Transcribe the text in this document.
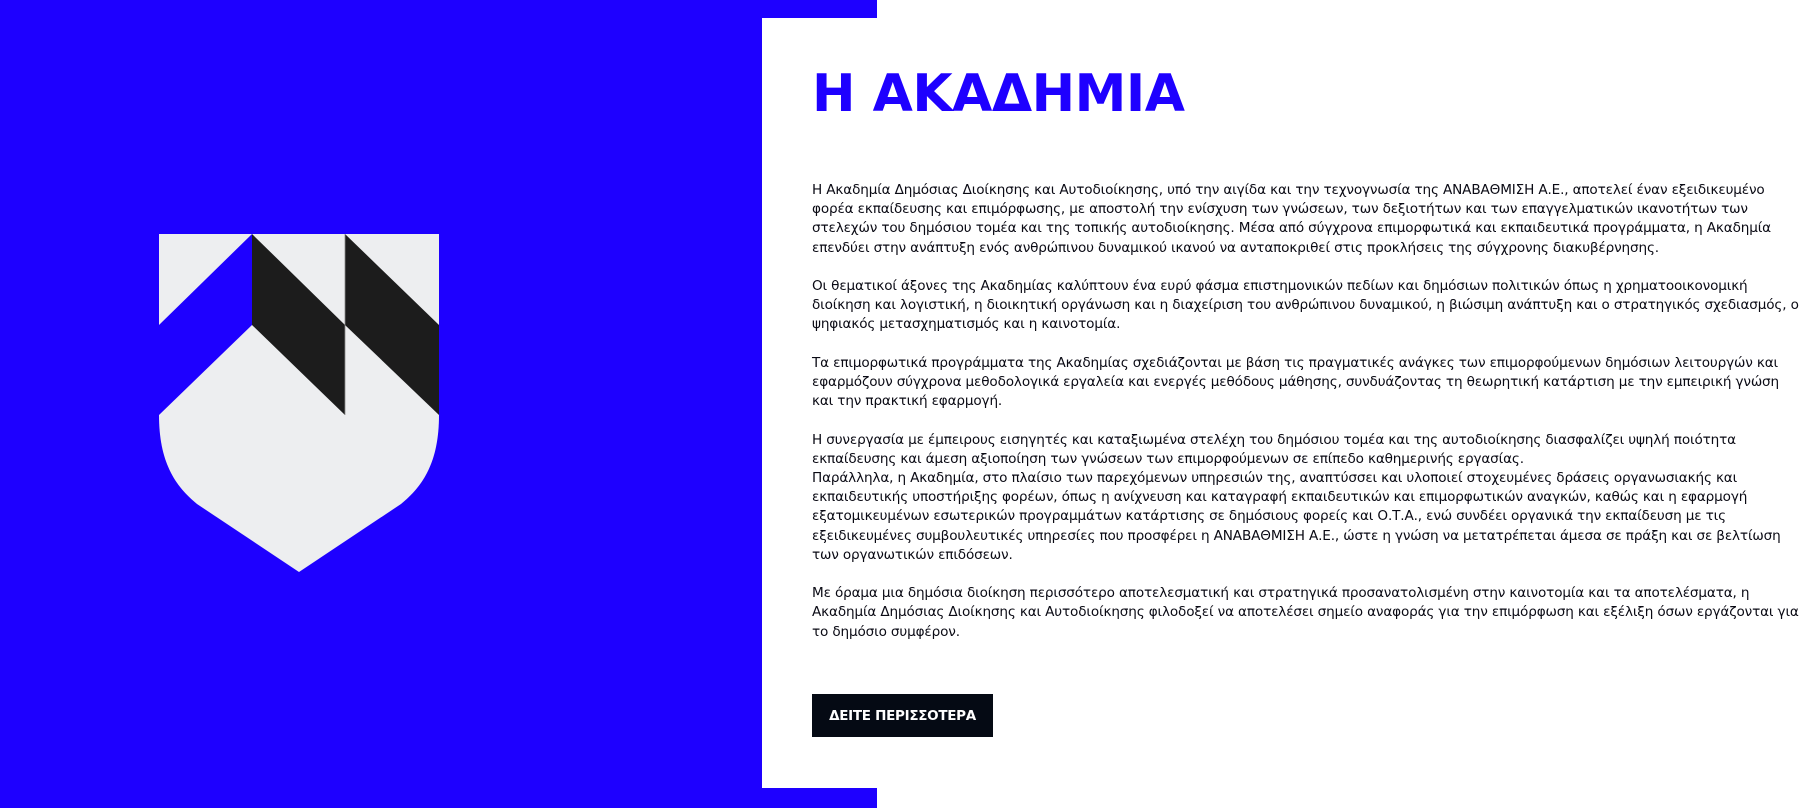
Η ΑΚΑΔΗΜΙΑ

Η Ακαδημία Δημόσιας Διοίκησης και Αυτοδιοίκησης, υπό την αιγίδα και την τεχνογνωσία της ΑΝΑΒΑΘΜΙΣΗ Α.Ε., αποτελεί έναν εξειδικευμένο φορέα εκπαίδευσης και επιμόρφωσης, με αποστολή την ενίσχυση των γνώσεων, των δεξιοτήτων και των επαγγελματικών ικανοτήτων των στελεχών του δημόσιου τομέα και της τοπικής αυτοδιοίκησης. Μέσα από σύγχρονα επιμορφωτικά και εκπαιδευτικά προγράμματα, η Ακαδημία επενδύει στην ανάπτυξη ενός ανθρώπινου δυναμικού ικανού να ανταποκριθεί στις προκλήσεις της σύγχρονης διακυβέρνησης.

Οι θεματικοί άξονες της Ακαδημίας καλύπτουν ένα ευρύ φάσμα επιστημονικών πεδίων και δημόσιων πολιτικών όπως η χρηματοοικονομική διοίκηση και λογιστική, η διοικητική οργάνωση και η διαχείριση του ανθρώπινου δυναμικού, η βιώσιμη ανάπτυξη και ο στρατηγικός σχεδιασμός, ο ψηφιακός μετασχηματισμός και η καινοτομία.

Τα επιμορφωτικά προγράμματα της Ακαδημίας σχεδιάζονται με βάση τις πραγματικές ανάγκες των επιμορφούμενων δημόσιων λειτουργών και εφαρμόζουν σύγχρονα μεθοδολογικά εργαλεία και ενεργές μεθόδους μάθησης, συνδυάζοντας τη θεωρητική κατάρτιση με την εμπειρική γνώση και την πρακτική εφαρμογή.

Η συνεργασία με έμπειρους εισηγητές και καταξιωμένα στελέχη του δημόσιου τομέα και της αυτοδιοίκησης διασφαλίζει υψηλή ποιότητα εκπαίδευσης και άμεση αξιοποίηση των γνώσεων των επιμορφούμενων σε επίπεδο καθημερινής εργασίας.

Παράλληλα, η Ακαδημία, στο πλαίσιο των παρεχόμενων υπηρεσιών της, αναπτύσσει και υλοποιεί στοχευμένες δράσεις οργανωσιακής και εκπαιδευτικής υποστήριξης φορέων, όπως η ανίχνευση και καταγραφή εκπαιδευτικών και επιμορφωτικών αναγκών, καθώς και η εφαρμογή εξατομικευμένων εσωτερικών προγραμμάτων κατάρτισης σε δημόσιους φορείς και Ο.Τ.Α., ενώ συνδέει οργανικά την εκπαίδευση με τις εξειδικευμένες συμβουλευτικές υπηρεσίες που προσφέρει η ΑΝΑΒΑΘΜΙΣΗ Α.Ε., ώστε η γνώση να μετατρέπεται άμεσα σε πράξη και σε βελτίωση των οργανωτικών επιδόσεων.

Με όραμα μια δημόσια διοίκηση περισσότερο αποτελεσματική και στρατηγικά προσανατολισμένη στην καινοτομία και τα αποτελέσματα, η Ακαδημία Δημόσιας Διοίκησης και Αυτοδιοίκησης φιλοδοξεί να αποτελέσει σημείο αναφοράς για την επιμόρφωση και εξέλιξη όσων εργάζονται για το δημόσιο συμφέρον.

ΔΕΙΤΕ ΠΕΡΙΣΣΟΤΕΡΑ
